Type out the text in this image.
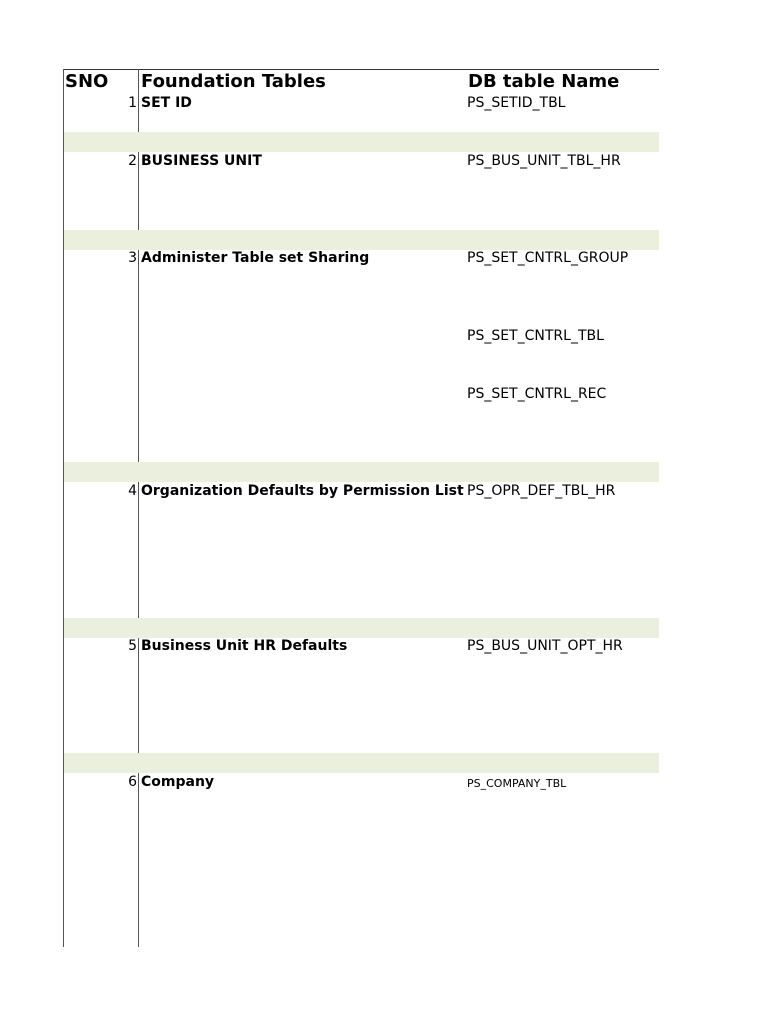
SNO Foundation Tables	DB table Name
1 SET ID	PS_SETID_TBL
2 BUSINESS UNIT	PS_BUS_UNIT_TBL_HR
3 Administer Table set Sharing	PS_SET_CNTRL_GROUP
PS_SET_CNTRL_TBL
PS_SET_CNTRL_REC
4 Organization Defaults by Permission List PS_OPR_DEF_TBL_HR
5 Business Unit HR Defaults	PS_BUS_UNIT_OPT_HR
6 Company	PS_COMPANY_TBL
